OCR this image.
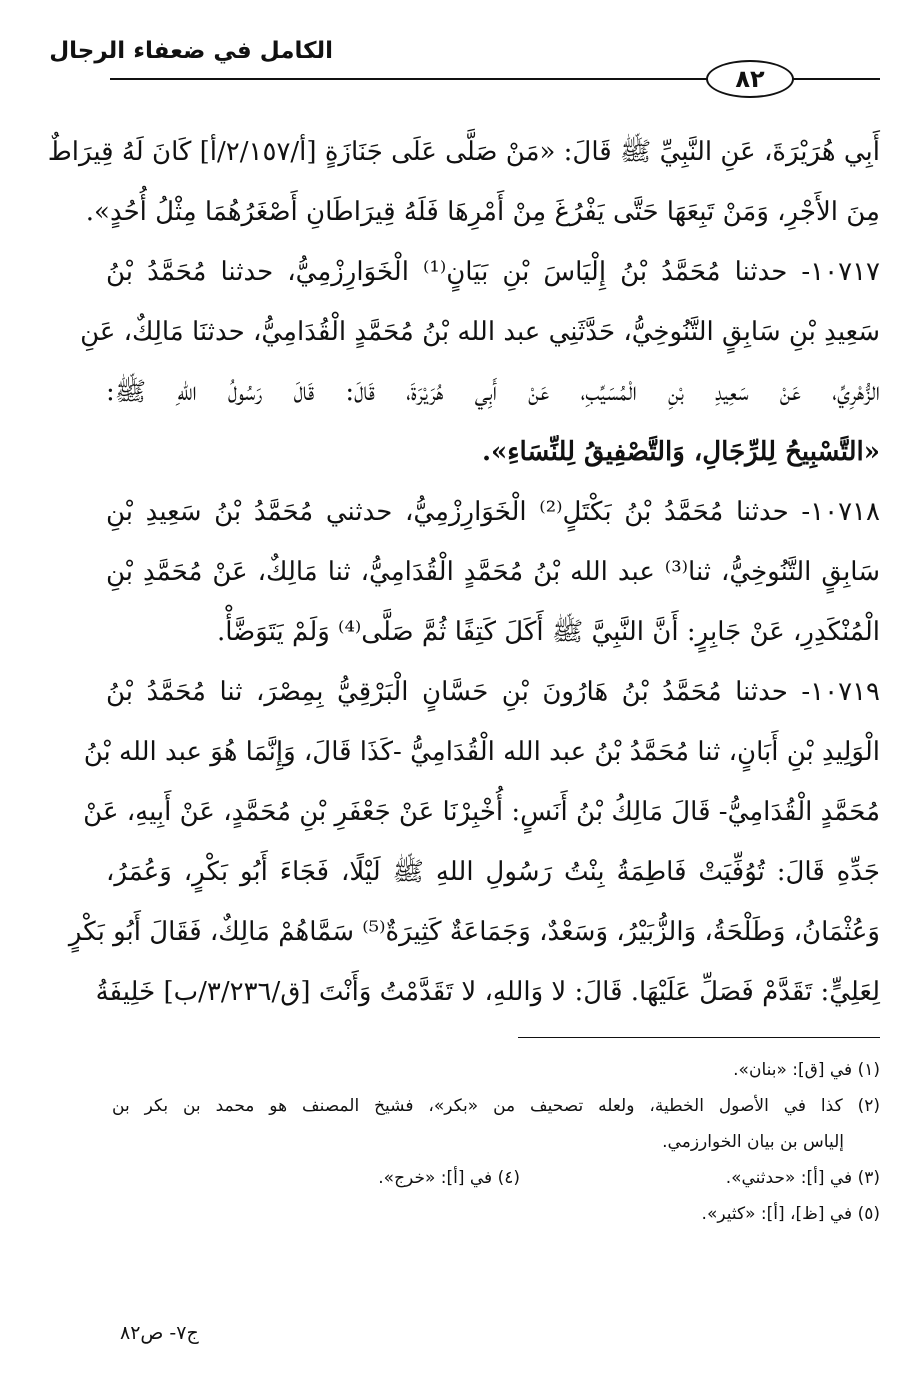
الكامل في ضعفاء الرجال
٨٢
أَبِي هُرَيْرَةَ، عَنِ النَّبِيِّ ﷺ قَالَ: «مَنْ صَلَّى عَلَى جَنَازَةٍ [أ/٢/١٥٧/أ] كَانَ لَهُ قِيرَاطٌ
مِنَ الأَجْرِ، وَمَنْ تَبِعَهَا حَتَّى يَفْرُغَ مِنْ أَمْرِهَا فَلَهُ قِيرَاطَانِ أَصْغَرُهُمَا مِثْلُ أُحُدٍ».
١٠٧١٧- حدثنا مُحَمَّدُ بْنُ إِلْيَاسَ بْنِ بَيَانٍ⁽¹⁾ الْخَوَارِزْمِيُّ، حدثنا مُحَمَّدُ بْنُ
سَعِيدِ بْنِ سَابِقٍ التَّنُوخِيُّ، حَدَّثَنِي عبد الله بْنُ مُحَمَّدٍ الْقُدَامِيُّ، حدثنَا مَالِكٌ، عَنِ
الزُّهْرِيِّ، عَنْ سَعِيدِ بْنِ الْمُسَيِّبِ، عَنْ أَبِي هُرَيْرَةَ، قَالَ: قَالَ رَسُولُ اللهِ ﷺ:
«التَّسْبِيحُ لِلرِّجَالِ، وَالتَّصْفِيقُ لِلنِّسَاءِ».
١٠٧١٨- حدثنا مُحَمَّدُ بْنُ بَكْتَلٍ⁽²⁾ الْخَوَارِزْمِيُّ، حدثني مُحَمَّدُ بْنُ سَعِيدِ بْنِ
سَابِقٍ التَّنُوخِيُّ، ثنا⁽³⁾ عبد الله بْنُ مُحَمَّدٍ الْقُدَامِيُّ، ثنا مَالِكٌ، عَنْ مُحَمَّدِ بْنِ
الْمُنْكَدِرِ، عَنْ جَابِرٍ: أَنَّ النَّبِيَّ ﷺ أَكَلَ كَتِفًا ثُمَّ صَلَّى⁽⁴⁾ وَلَمْ يَتَوَضَّأْ.
١٠٧١٩- حدثنا مُحَمَّدُ بْنُ هَارُونَ بْنِ حَسَّانٍ الْبَرْقِيُّ بِمِصْرَ، ثنا مُحَمَّدُ بْنُ
الْوَلِيدِ بْنِ أَبَانٍ، ثنا مُحَمَّدُ بْنُ عبد الله الْقُدَامِيُّ -كَذَا قَالَ، وَإِنَّمَا هُوَ عبد الله بْنُ
مُحَمَّدٍ الْقُدَامِيُّ- قَالَ مَالِكُ بْنُ أَنَسٍ: أُخْبِرْنَا عَنْ جَعْفَرِ بْنِ مُحَمَّدٍ، عَنْ أَبِيهِ، عَنْ
جَدِّهِ قَالَ: تُوُفِّيَتْ فَاطِمَةُ بِنْتُ رَسُولِ اللهِ ﷺ لَيْلًا، فَجَاءَ أَبُو بَكْرٍ، وَعُمَرُ،
وَعُثْمَانُ، وَطَلْحَةُ، وَالزُّبَيْرُ، وَسَعْدٌ، وَجَمَاعَةٌ كَثِيرَةٌ⁽⁵⁾ سَمَّاهُمْ مَالِكٌ، فَقَالَ أَبُو بَكْرٍ
لِعَلِيٍّ: تَقَدَّمْ فَصَلِّ عَلَيْهَا. قَالَ: لا وَاللهِ، لا تَقَدَّمْتُ وَأَنْتَ [ق/٣/٢٣٦/ب] خَلِيفَةُ
(١) في [ق]: «بنان».
(٢) كذا في الأصول الخطية، ولعله تصحيف من «بكر»، فشيخ المصنف هو محمد بن بكر بن
إلياس بن بيان الخوارزمي.
(٣) في [أ]: «حدثني».
(٤) في [أ]: «خرج».
(٥) في [ظ]، [أ]: «كثير».
ج٧- ص٨٢
